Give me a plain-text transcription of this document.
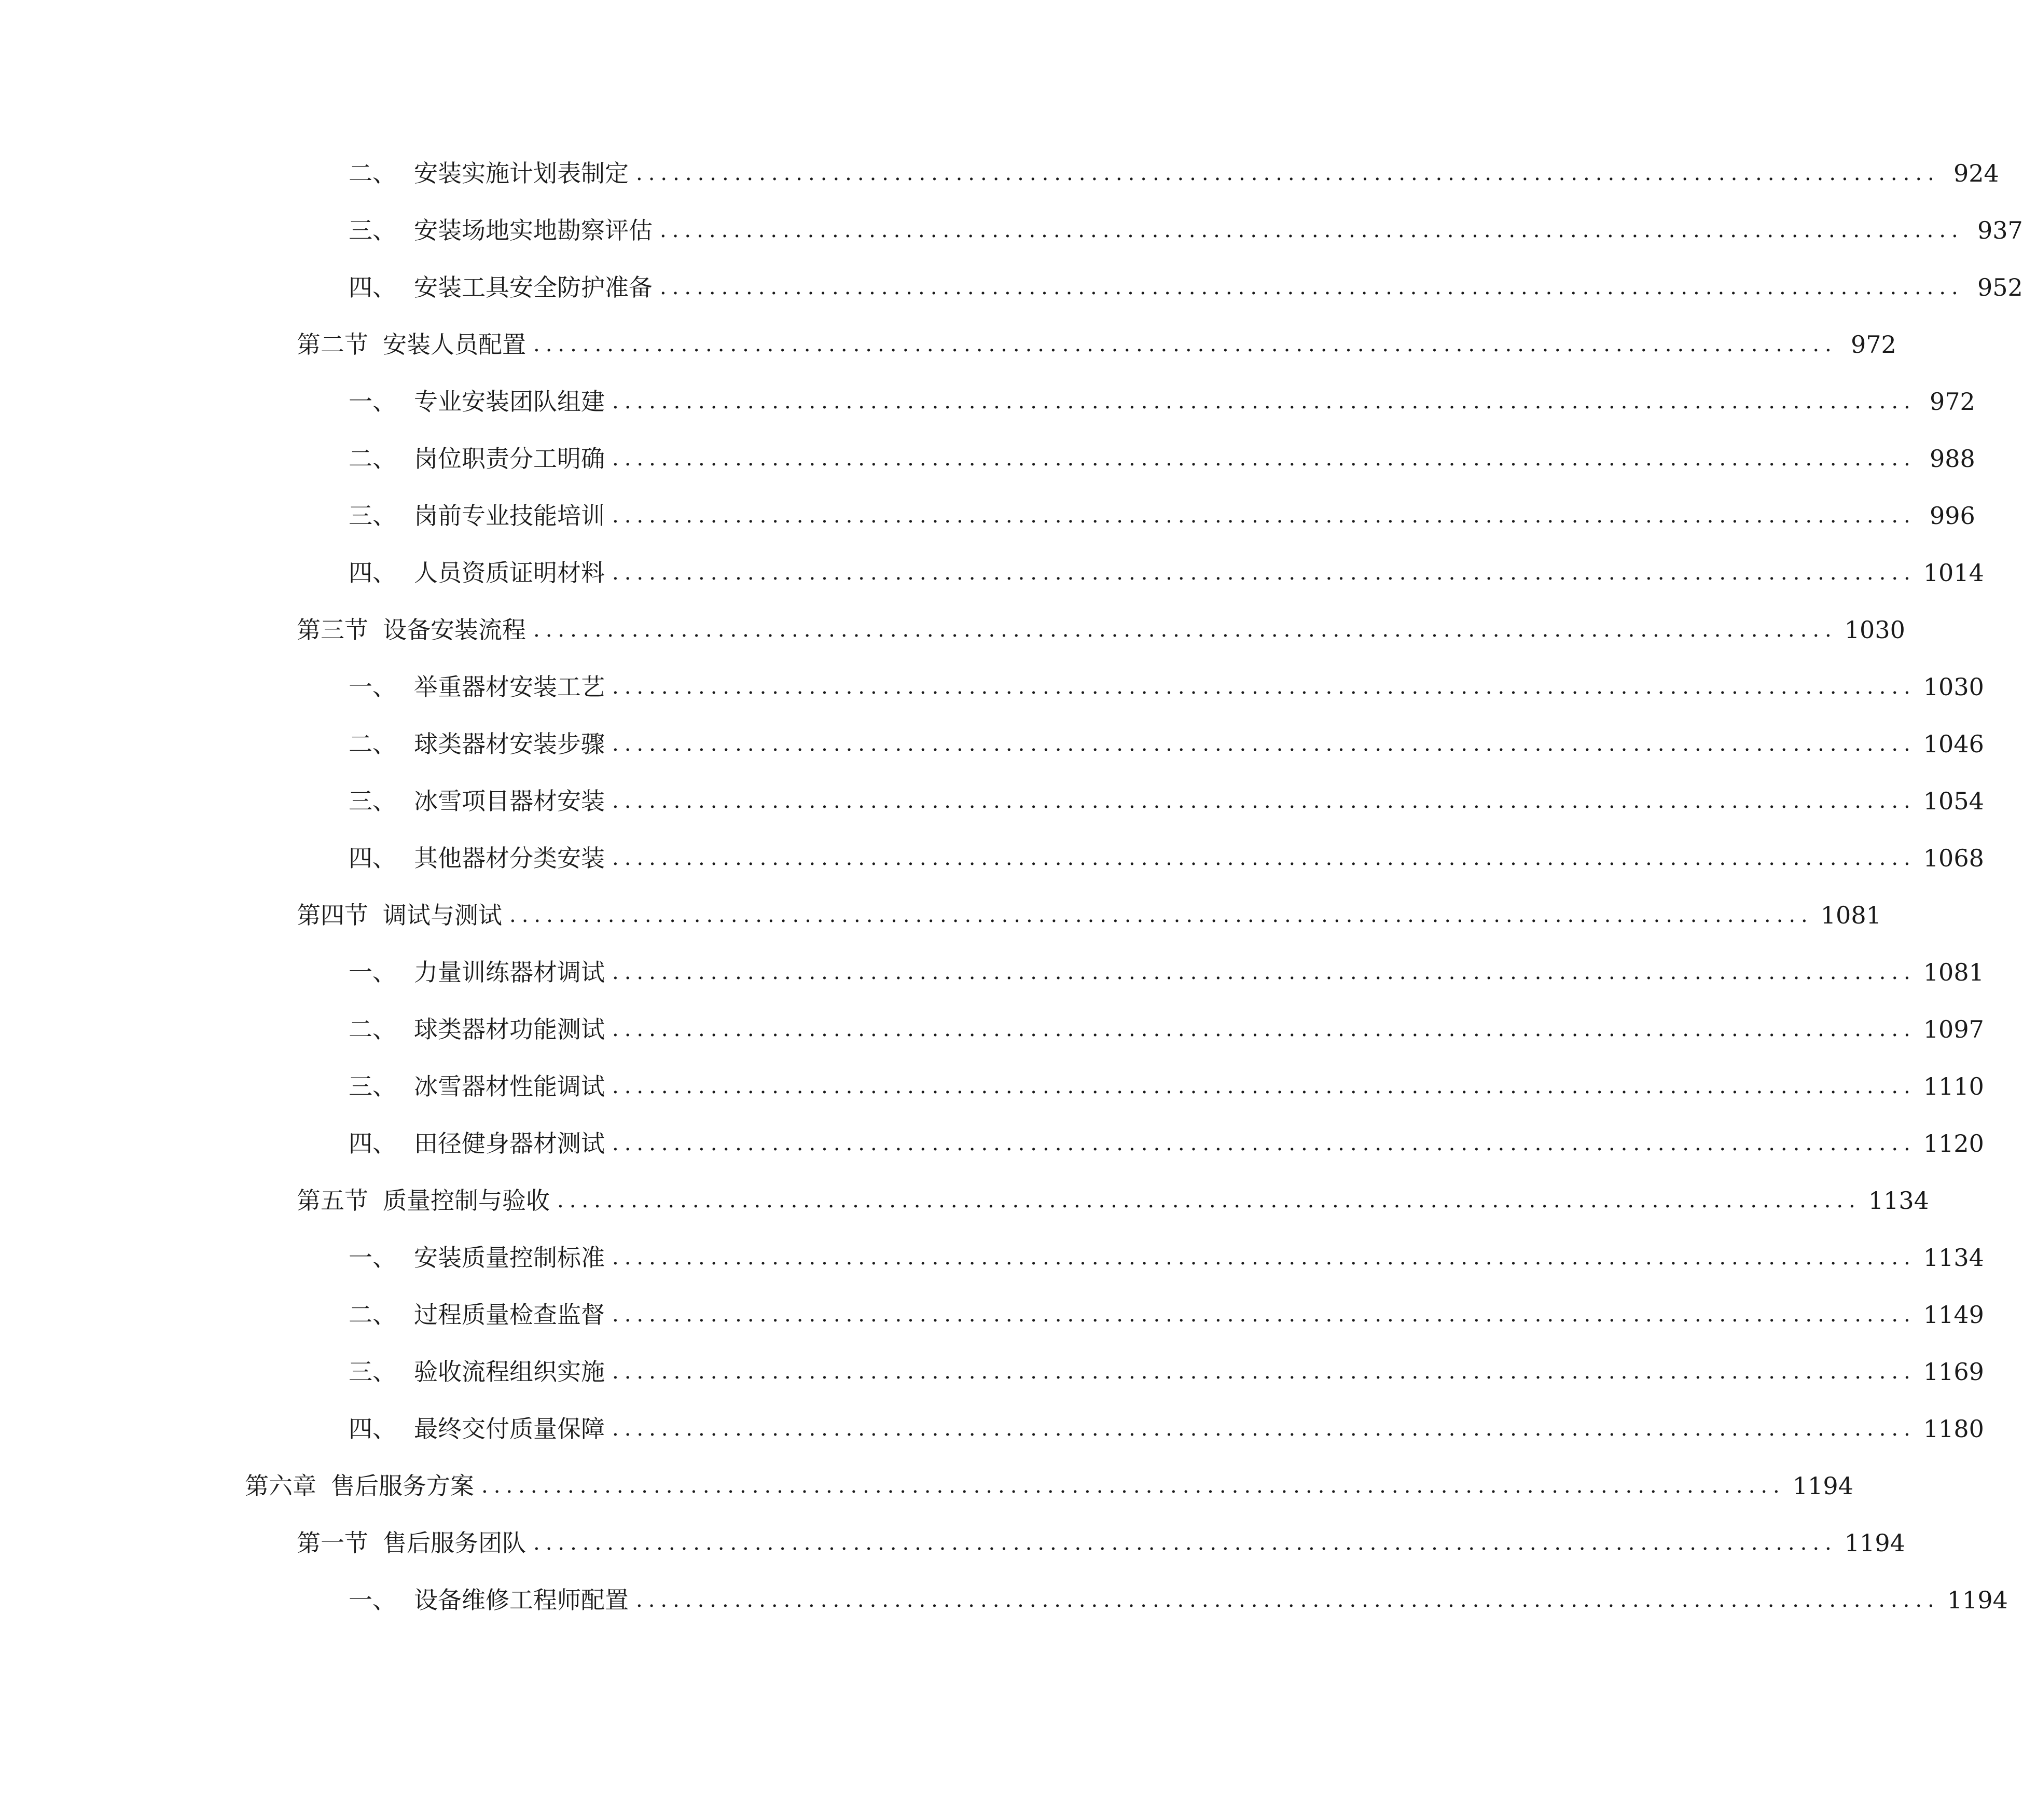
二、 安装实施计划表制定 .......................................................................................................... 924
三、 安装场地实地勘察评估 .......................................................................................................... 937
四、 安装工具安全防护准备 .......................................................................................................... 952
第二节 安装人员配置 .......................................................................................................... 972
一、 专业安装团队组建 .......................................................................................................... 972
二、 岗位职责分工明确 .......................................................................................................... 988
三、 岗前专业技能培训 .......................................................................................................... 996
四、 人员资质证明材料 .......................................................................................................... 1014
第三节 设备安装流程 .......................................................................................................... 1030
一、 举重器材安装工艺 .......................................................................................................... 1030
二、 球类器材安装步骤 .......................................................................................................... 1046
三、 冰雪项目器材安装 .......................................................................................................... 1054
四、 其他器材分类安装 .......................................................................................................... 1068
第四节 调试与测试 .......................................................................................................... 1081
一、 力量训练器材调试 .......................................................................................................... 1081
二、 球类器材功能测试 .......................................................................................................... 1097
三、 冰雪器材性能调试 .......................................................................................................... 1110
四、 田径健身器材测试 .......................................................................................................... 1120
第五节 质量控制与验收 .......................................................................................................... 1134
一、 安装质量控制标准 .......................................................................................................... 1134
二、 过程质量检查监督 .......................................................................................................... 1149
三、 验收流程组织实施 .......................................................................................................... 1169
四、 最终交付质量保障 .......................................................................................................... 1180
第六章 售后服务方案 .......................................................................................................... 1194
第一节 售后服务团队 .......................................................................................................... 1194
一、 设备维修工程师配置 .......................................................................................................... 1194
